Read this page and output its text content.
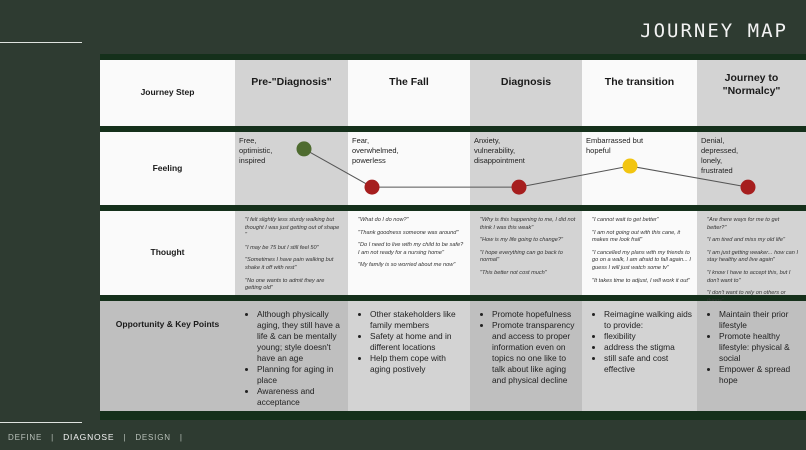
JOURNEY MAP
Journey Step
Feeling
Thought
Opportunity & Key Points
Pre-"Diagnosis"
Free,
optimistic,
inspired

"I felt slightly less sturdy walking but thought I was just getting out of shape "

"I may be 75 but I still feel 50"

"Sometimes I have pain walking but shake it off with rest"

"No one wants to admit they are getting old"

• Although physically aging, they still have a life & can be mentally young; style doesn't have an age
• Planning for aging in place
• Awareness and acceptance
The Fall
Fear,
overwhelmed,
powerless

"What do I do now?"

"Thank goodness someone was around"

"Do I need to live with my child to be safe? I am not ready for a nursing home"

"My family is so worried about me now"

• Other stakeholders like family members
• Safety at home and in different locations
• Help them cope with aging postively
Diagnosis
Anxiety,
vulnerability,
disappointment

"Why is this happening to me, I did not think I was this weak"

"How is my life going to change?"

"I hope everything can go back to normal"

"This better not cost much"

• Promote hopefulness
• Promote transparency and access to proper information even on topics no one like to talk about like aging and physical decline
The transition
Embarrassed but
hopeful

"I cannot wait to get better"

"I am not going out with this cane, it makes me look frail"

"I cancelled my plans with my friends to go on a walk, I am afraid to fall again... I guess I will just watch some tv"

"It takes time to adjust, I will work it out"

• Reimagine walking aids to provide:
• flexibility
• address the stigma
• still safe and cost effective
Journey to
"Normalcy"
Denial,
depressed,
lonely,
frustrated

"Are there ways for me to get better?"

"I am tired and miss my old life"

"I am just getting weaker... how can I stay healthy and live again"

"I know I have to accept this, but I don't want to"

"I don't want to rely on others or

• Maintain their prior lifestyle
• Promote healthy lifestyle: physical & social
• Empower & spread hope
DEFINE | DIAGNOSE | DESIGN |
